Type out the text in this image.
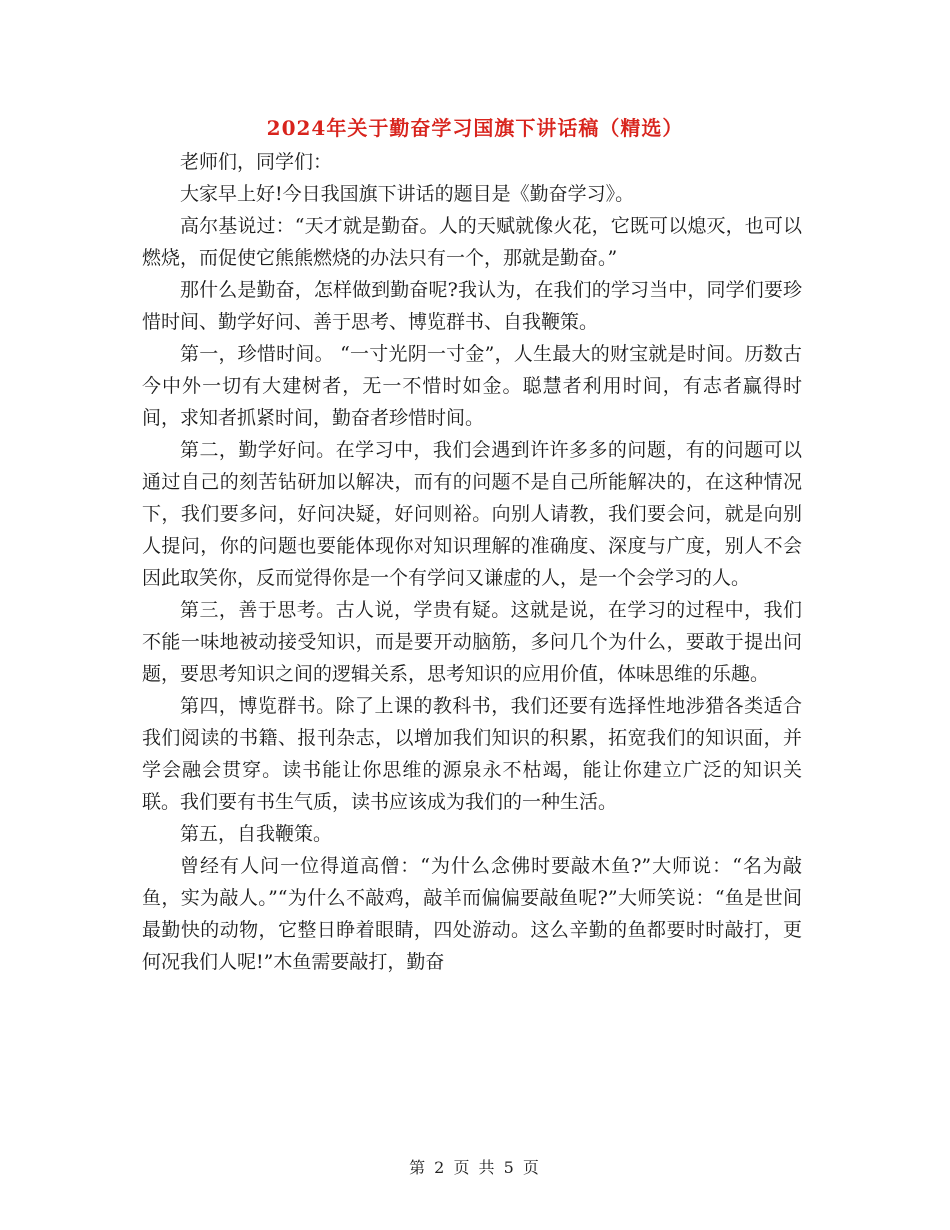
2024年关于勤奋学习国旗下讲话稿（精选）

老师们，同学们：

大家早上好!今日我国旗下讲话的题目是《勤奋学习》。

高尔基说过：“天才就是勤奋。人的天赋就像火花，它既可以熄灭，也可以燃烧，而促使它熊熊燃烧的办法只有一个，那就是勤奋。”

那什么是勤奋，怎样做到勤奋呢?我认为，在我们的学习当中，同学们要珍惜时间、勤学好问、善于思考、博览群书、自我鞭策。

第一，珍惜时间。 “一寸光阴一寸金”，人生最大的财宝就是时间。历数古今中外一切有大建树者，无一不惜时如金。聪慧者利用时间，有志者赢得时间，求知者抓紧时间，勤奋者珍惜时间。

第二，勤学好问。在学习中，我们会遇到许许多多的问题，有的问题可以通过自己的刻苦钻研加以解决，而有的问题不是自己所能解决的，在这种情况下，我们要多问，好问决疑，好问则裕。向别人请教，我们要会问，就是向别人提问，你的问题也要能体现你对知识理解的准确度、深度与广度，别人不会因此取笑你，反而觉得你是一个有学问又谦虚的人，是一个会学习的人。

第三，善于思考。古人说，学贵有疑。这就是说，在学习的过程中，我们不能一味地被动接受知识，而是要开动脑筋，多问几个为什么，要敢于提出问题，要思考知识之间的逻辑关系，思考知识的应用价值，体味思维的乐趣。

第四，博览群书。除了上课的教科书，我们还要有选择性地涉猎各类适合我们阅读的书籍、报刊杂志，以增加我们知识的积累，拓宽我们的知识面，并学会融会贯穿。读书能让你思维的源泉永不枯竭，能让你建立广泛的知识关联。我们要有书生气质，读书应该成为我们的一种生活。

第五，自我鞭策。

曾经有人问一位得道高僧：“为什么念佛时要敲木鱼?”大师说：“名为敲鱼，实为敲人。”“为什么不敲鸡，敲羊而偏偏要敲鱼呢?”大师笑说：“鱼是世间最勤快的动物，它整日睁着眼睛，四处游动。这么辛勤的鱼都要时时敲打，更何况我们人呢!”木鱼需要敲打，勤奋

第 2 页 共 5 页
